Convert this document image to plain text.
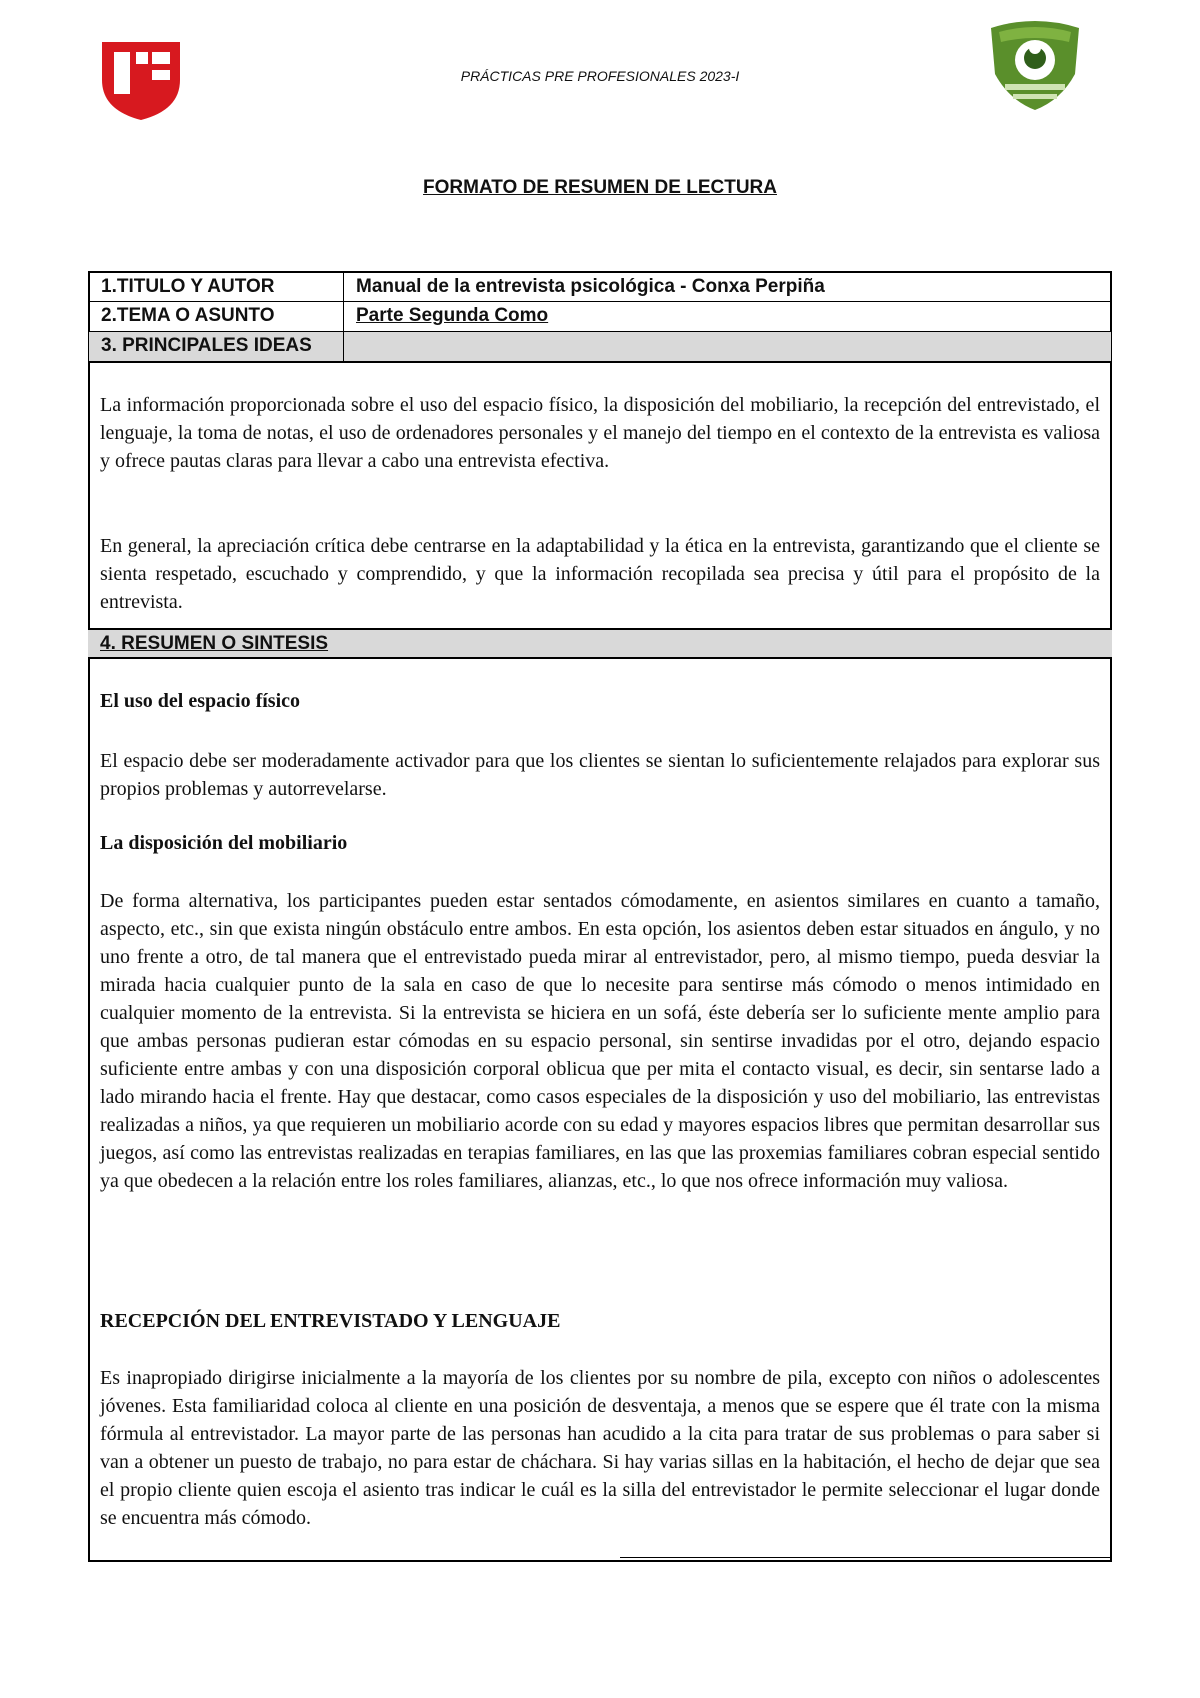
PRÁCTICAS PRE PROFESIONALES 2023-I
FORMATO DE RESUMEN DE LECTURA
1.TITULO Y AUTOR	Manual de la entrevista psicológica - Conxa Perpiña
2.TEMA O ASUNTO	Parte Segunda Como
3. PRINCIPALES IDEAS

La información proporcionada sobre el uso del espacio físico, la disposición del mobiliario, la recepción del entrevistado, el lenguaje, la toma de notas, el uso de ordenadores personales y el manejo del tiempo en el contexto de la entrevista es valiosa y ofrece pautas claras para llevar a cabo una entrevista efectiva.

En general, la apreciación crítica debe centrarse en la adaptabilidad y la ética en la entrevista, garantizando que el cliente se sienta respetado, escuchado y comprendido, y que la información recopilada sea precisa y útil para el propósito de la entrevista.

4. RESUMEN O SINTESIS

El uso del espacio físico

El espacio debe ser moderadamente activador para que los clientes se sientan lo suficientemente relajados para explorar sus propios problemas y autorrevelarse.

La disposición del mobiliario

De forma alternativa, los participantes pueden estar sentados cómodamente, en asientos similares en cuanto a tamaño, aspecto, etc., sin que exista ningún obstáculo entre ambos. En esta opción, los asientos deben estar situados en ángulo, y no uno frente a otro, de tal manera que el entrevistado pueda mirar al entrevistador, pero, al mismo tiempo, pueda desviar la mirada hacia cualquier punto de la sala en caso de que lo necesite para sentirse más cómodo o menos intimidado en cualquier momento de la entrevista. Si la entrevista se hiciera en un sofá, éste debería ser lo suficiente mente amplio para que ambas personas pudieran estar cómodas en su espacio personal, sin sentirse invadidas por el otro, dejando espacio suficiente entre ambas y con una disposición corporal oblicua que per mita el contacto visual, es decir, sin sentarse lado a lado mirando hacia el frente. Hay que destacar, como casos especiales de la disposición y uso del mobiliario, las entrevistas realizadas a niños, ya que requieren un mobiliario acorde con su edad y mayores espacios libres que permitan desarrollar sus juegos, así como las entrevistas realizadas en terapias familiares, en las que las proxemias familiares cobran especial sentido ya que obedecen a la relación entre los roles familiares, alianzas, etc., lo que nos ofrece información muy valiosa.

RECEPCIÓN DEL ENTREVISTADO Y LENGUAJE

Es inapropiado dirigirse inicialmente a la mayoría de los clientes por su nombre de pila, excepto con niños o adolescentes jóvenes. Esta familiaridad coloca al cliente en una posición de desventaja, a menos que se espere que él trate con la misma fórmula al entrevistador. La mayor parte de las personas han acudido a la cita para tratar de sus problemas o para saber si van a obtener un puesto de trabajo, no para estar de cháchara. Si hay varias sillas en la habitación, el hecho de dejar que sea el propio cliente quien escoja el asiento tras indicar le cuál es la silla del entrevistador le permite seleccionar el lugar donde se encuentra más cómodo.
